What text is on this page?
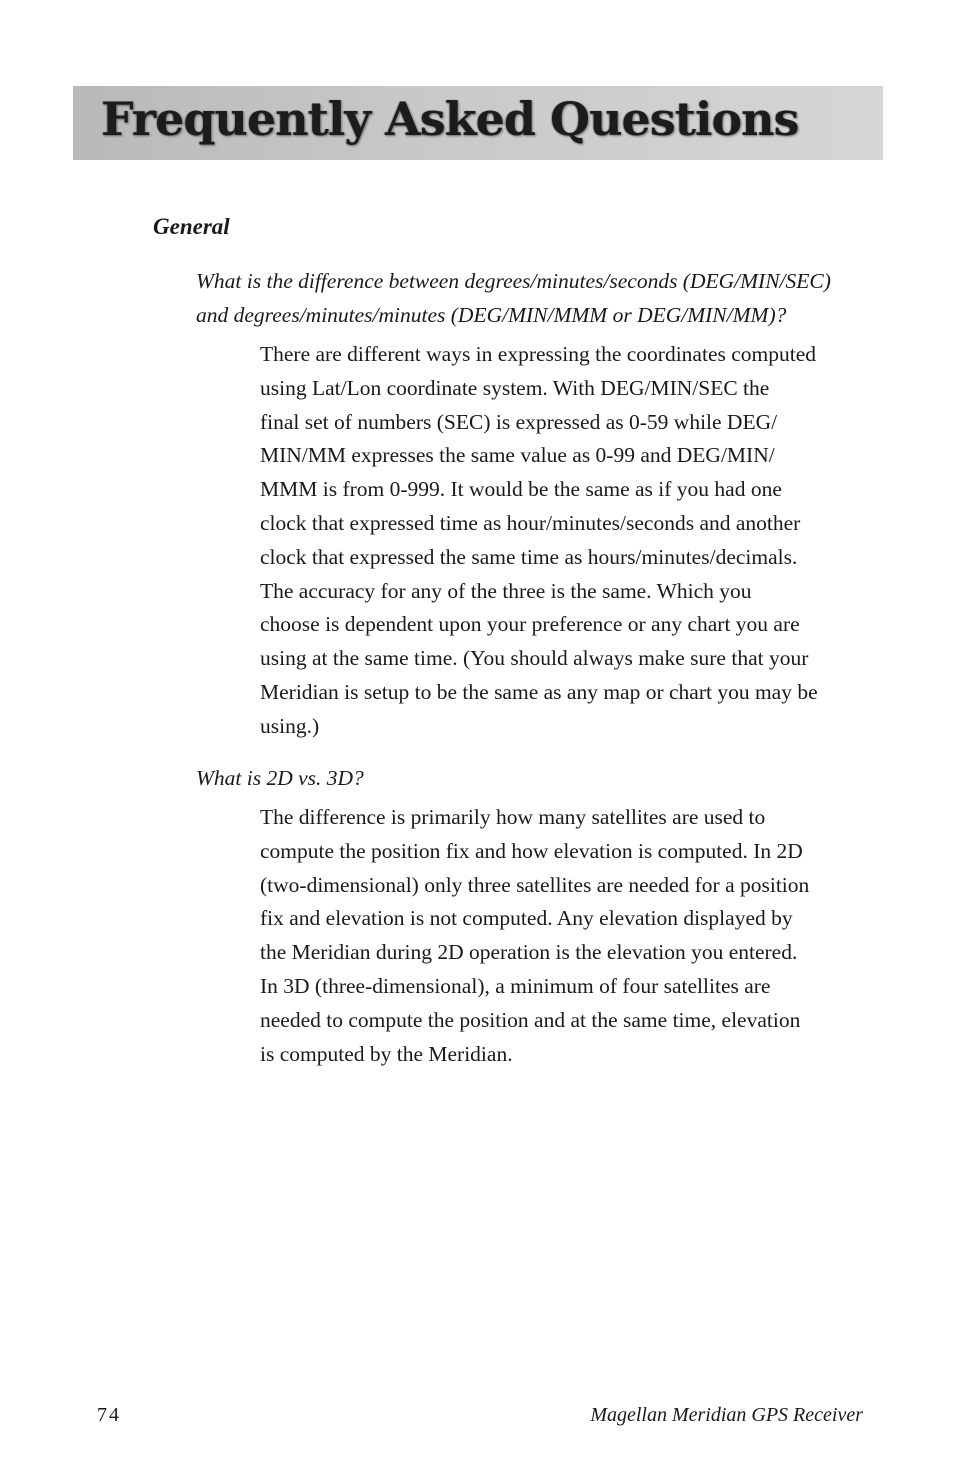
Frequently Asked Questions
General
What is the difference between degrees/minutes/seconds (DEG/MIN/SEC)
and degrees/minutes/minutes (DEG/MIN/MMM or DEG/MIN/MM)?
There are different ways in expressing the coordinates computed
using Lat/Lon coordinate system. With DEG/MIN/SEC the
final set of numbers (SEC) is expressed as 0-59 while DEG/
MIN/MM expresses the same value as 0-99 and DEG/MIN/
MMM is from 0-999. It would be the same as if you had one
clock that expressed time as hour/minutes/seconds and another
clock that expressed the same time as hours/minutes/decimals.
The accuracy for any of the three is the same. Which you
choose is dependent upon your preference or any chart you are
using at the same time. (You should always make sure that your
Meridian is setup to be the same as any map or chart you may be
using.)
What is 2D vs. 3D?
The difference is primarily how many satellites are used to
compute the position fix and how elevation is computed. In 2D
(two-dimensional) only three satellites are needed for a position
fix and elevation is not computed. Any elevation displayed by
the Meridian during 2D operation is the elevation you entered.
In 3D (three-dimensional), a minimum of four satellites are
needed to compute the position and at the same time, elevation
is computed by the Meridian.
74	Magellan Meridian GPS Receiver
